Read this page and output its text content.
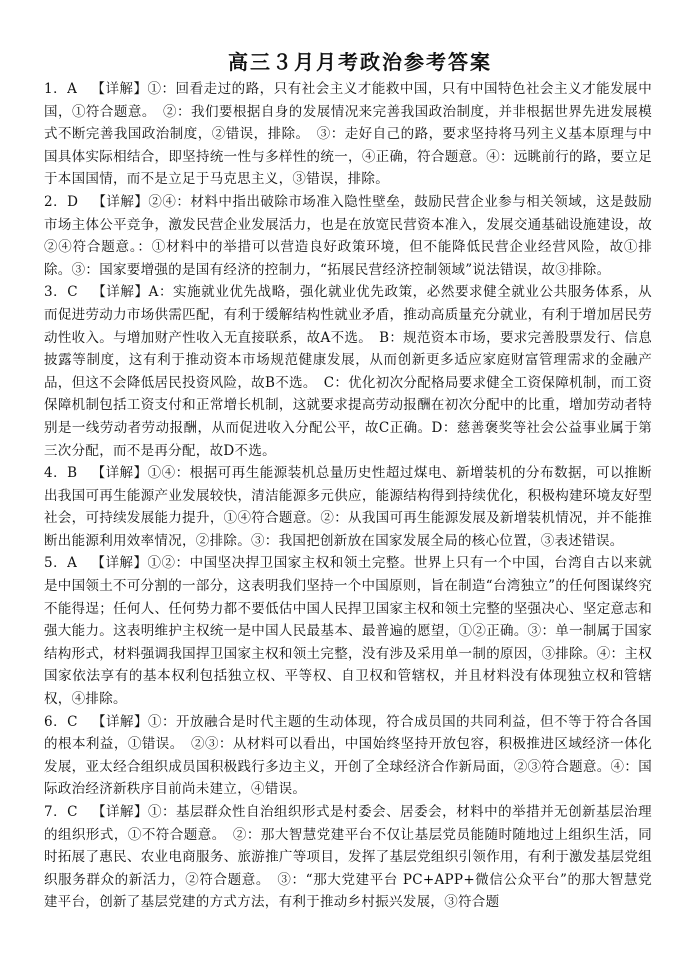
高三３月月考政治参考答案
1．A 【详解】①：回看走过的路，只有社会主义才能救中国，只有中国特色社会主义才能发展中国，①符合题意。　②：我们要根据自身的发展情况来完善我国政治制度，并非根据世界先进发展模式不断完善我国政治制度，②错误，排除。　③：走好自己的路，要求坚持将马列主义基本原理与中国具体实际相结合，即坚持统一性与多样性的统一，④正确，符合题意。④：远眺前行的路，要立足于本国国情，而不是立足于马克思主义，③错误，排除。
2．D 【详解】②④：材料中指出破除市场准入隐性壁垒，鼓励民营企业参与相关领域，这是鼓励市场主体公平竞争，激发民营企业发展活力，也是在放宽民营资本准入，发展交通基础设施建设，故②④符合题意。：①材料中的举措可以营造良好政策环境，但不能降低民营企业经营风险，故①排除。③：国家要增强的是国有经济的控制力，“拓展民营经济控制领域”说法错误，故③排除。
3．C 【详解】A：实施就业优先战略，强化就业优先政策，必然要求健全就业公共服务体系，从而促进劳动力市场供需匹配，有利于缓解结构性就业矛盾，推动高质量充分就业，有利于增加居民劳动性收入。与增加财产性收入无直接联系，故A不选。　B：规范资本市场，要求完善股票发行、信息披露等制度，这有利于推动资本市场规范健康发展，从而创新更多适应家庭财富管理需求的金融产品，但这不会降低居民投资风险，故B不选。　C：优化初次分配格局要求健全工资保障机制，而工资保障机制包括工资支付和正常增长机制，这就要求提高劳动报酬在初次分配中的比重，增加劳动者特别是一线劳动者劳动报酬，从而促进收入分配公平，故C正确。D：慈善褒奖等社会公益事业属于第三次分配，而不是再分配，故D不选。
4．B 【详解】①④：根据可再生能源装机总量历史性超过煤电、新增装机的分布数据，可以推断出我国可再生能源产业发展较快，清洁能源多元供应，能源结构得到持续优化，积极构建环境友好型社会，可持续发展能力提升，①④符合题意。②：从我国可再生能源发展及新增装机情况，并不能推断出能源利用效率情况，②排除。③：我国把创新放在国家发展全局的核心位置，③表述错误。
5．A 【详解】①②：中国坚决捍卫国家主权和领土完整。世界上只有一个中国，台湾自古以来就是中国领土不可分割的一部分，这表明我们坚持一个中国原则，旨在制造“台湾独立”的任何图谋终究不能得逞；任何人、任何势力都不要低估中国人民捍卫国家主权和领土完整的坚强决心、坚定意志和强大能力。这表明维护主权统一是中国人民最基本、最普遍的愿望，①②正确。③：单一制属于国家结构形式，材料强调我国捍卫国家主权和领土完整，没有涉及采用单一制的原因，③排除。④：主权国家依法享有的基本权利包括独立权、平等权、自卫权和管辖权，并且材料没有体现独立权和管辖权，④排除。
6．C 【详解】①：开放融合是时代主题的生动体现，符合成员国的共同利益，但不等于符合各国的根本利益，①错误。　②③：从材料可以看出，中国始终坚持开放包容，积极推进区域经济一体化发展，亚太经合组织成员国积极践行多边主义，开创了全球经济合作新局面，②③符合题意。④：国际政治经济新秩序目前尚未建立，④错误。
7．C 【详解】①：基层群众性自治组织形式是村委会、居委会，材料中的举措并无创新基层治理的组织形式，①不符合题意。　②：那大智慧党建平台不仅让基层党员能随时随地过上组织生活，同时拓展了惠民、农业电商服务、旅游推广等项目，发挥了基层党组织引领作用，有利于激发基层党组织服务群众的新活力，②符合题意。　③：“那大党建平台 PC+APP+微信公众平台”的那大智慧党建平台，创新了基层党建的方式方法，有利于推动乡村振兴发展，③符合题
